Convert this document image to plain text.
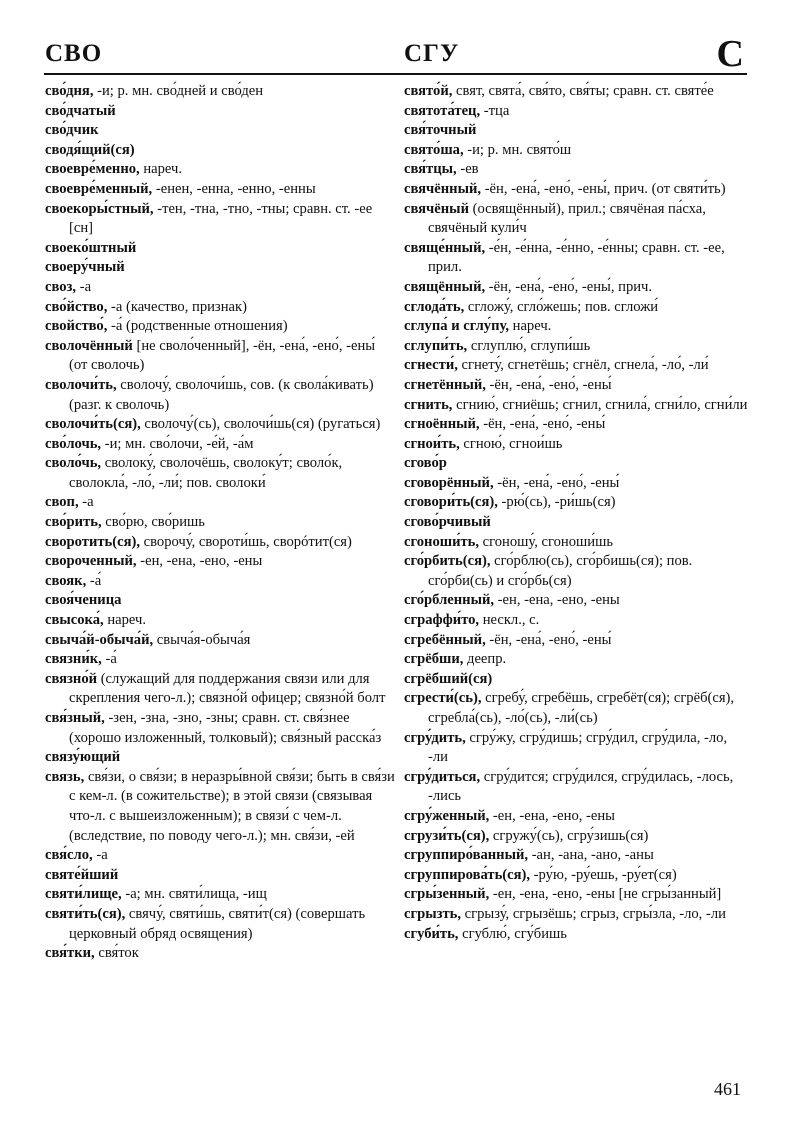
СВО	СГУ	С

сво́дня, -и; р. мн. сво́дней и сво́ден

сво́дчатый

сво́дчик

сводя́щий(ся)

своевре́менно, нареч.

своевре́менный, -енен, -енна, -енно, -енны

своекоры́стный, -тен, -тна, -тно, -тны; сравн. ст. -ее [сн]

своеко́штный

своеру́чный

своз, -а

сво́йство, -а (качество, признак)

свойство́, -а́ (родственные отношения)

сволочённый [не своло́ченный], -ён, -ена́, -ено́, -ены́ (от сволочь)

сволочи́ть, сволочу́, сволочи́шь, сов. (к свола́кивать) (разг. к сволочь)

сволочи́ть(ся), сволочу́(сь), сволочи́шь(ся) (ругаться)

сво́лочь, -и; мн. сво́лочи, -е́й, -а́м

своло́чь, сволоку́, сволочёшь, сволоку́т; своло́к, сволокла́, -ло́, -ли́; пов. сволоки́

своп, -а

сво́рить, сво́рю, сво́ришь

своротить(ся), сворочу́, свороти́шь, сворóтит(ся)

свороченный, -ен, -ена, -ено, -ены

свояк, -а́

своя́ченица

свысока́, нареч.

свыча́й-обыча́й, свыча́я-обыча́я

связни́к, -а́

связно́й (служащий для поддержания связи или для скрепления чего-л.); связно́й офицер; связно́й болт

свя́зный, -зен, -зна, -зно, -зны; сравн. ст. свя́знее (хорошо изложенный, толковый); свя́зный расска́з

связу́ющий

связь, свя́зи, о свя́зи; в неразры́вной свя́зи; быть в свя́зи с кем-л. (в сожительстве); в этой связи (связывая что-л. с вышеизложенным); в связи́ с чем-л. (вследствие, по поводу чего-л.); мн. свя́зи, -ей

свя́сло, -а

святе́йший

святи́лище, -а; мн. святи́лища, -ищ

святи́ть(ся), свячу́, святи́шь, святи́т(ся) (совершать церковный обряд освящения)

свя́тки, свя́ток

свято́й, свят, свята́, свя́то, свя́ты; сравн. ст. святе́е

святота́тец, -тца

свя́точный

свято́ша, -и; р. мн. свято́ш

свя́тцы, -ев

свячённый, -ён, -ена́, -ено́, -ены́, прич. (от святи́ть)

свячёный (освящённый), прил.; свячёная па́сха, свячёный кули́ч

свяще́нный, -е́н, -е́нна, -е́нно, -е́нны; сравн. ст. -ее, прил.

свящённый, -ён, -ена́, -ено́, -ены́, прич.

сглода́ть, сгложу́, сгло́жешь; пов. сгложи́

сглупа́ и сглу́пу, нареч.

сглупи́ть, сглуплю́, сглупи́шь

сгнести́, сгнету́, сгнетёшь; сгнёл, сгнела́, -ло́, -ли́

сгнетённый, -ён, -ена́, -ено́, -ены́

сгнить, сгнию́, сгниёшь; сгнил, сгнила́, сгни́ло, сгни́ли

сгноённый, -ён, -ена́, -ено́, -ены́

сгнои́ть, сгною́, сгнои́шь

сгово́р

сговорённый, -ён, -ена́, -ено́, -ены́

сговори́ть(ся), -рю́(сь), -ри́шь(ся)

сгово́рчивый

сгоноши́ть, сгоношу́, сгоноши́шь

сго́рбить(ся), сго́рблю(сь), сго́рбишь(ся); пов. сго́рби(сь) и сго́рбь(ся)

сго́рбленный, -ен, -ена, -ено, -ены

сграффи́то, нескл., с.

сгребённый, -ён, -ена́, -ено́, -ены́

сгрёбши, деепр.

сгрёбший(ся)

сгрести́(сь), сгребу́, сгребёшь, сгребёт(ся); сгрёб(ся), сгребла́(сь), -ло́(сь), -ли́(сь)

сгру́дить, сгру́жу, сгру́дишь; сгру́дил, сгру́дила, -ло, -ли

сгру́диться, сгру́дится; сгру́дился, сгру́дилась, -лось, -лись

сгру́женный, -ен, -ена, -ено, -ены

сгрузи́ть(ся), сгружу́(сь), сгру́зишь(ся)

сгруппиро́ванный, -ан, -ана, -ано, -аны

сгруппирова́ть(ся), -ру́ю, -ру́ешь, -ру́ет(ся)

сгры́зенный, -ен, -ена, -ено, -ены [не сгры́занный]

сгрызть, сгрызу́, сгрызёшь; сгрыз, сгры́зла, -ло, -ли

сгуби́ть, сгублю́, сгу́бишь

461
